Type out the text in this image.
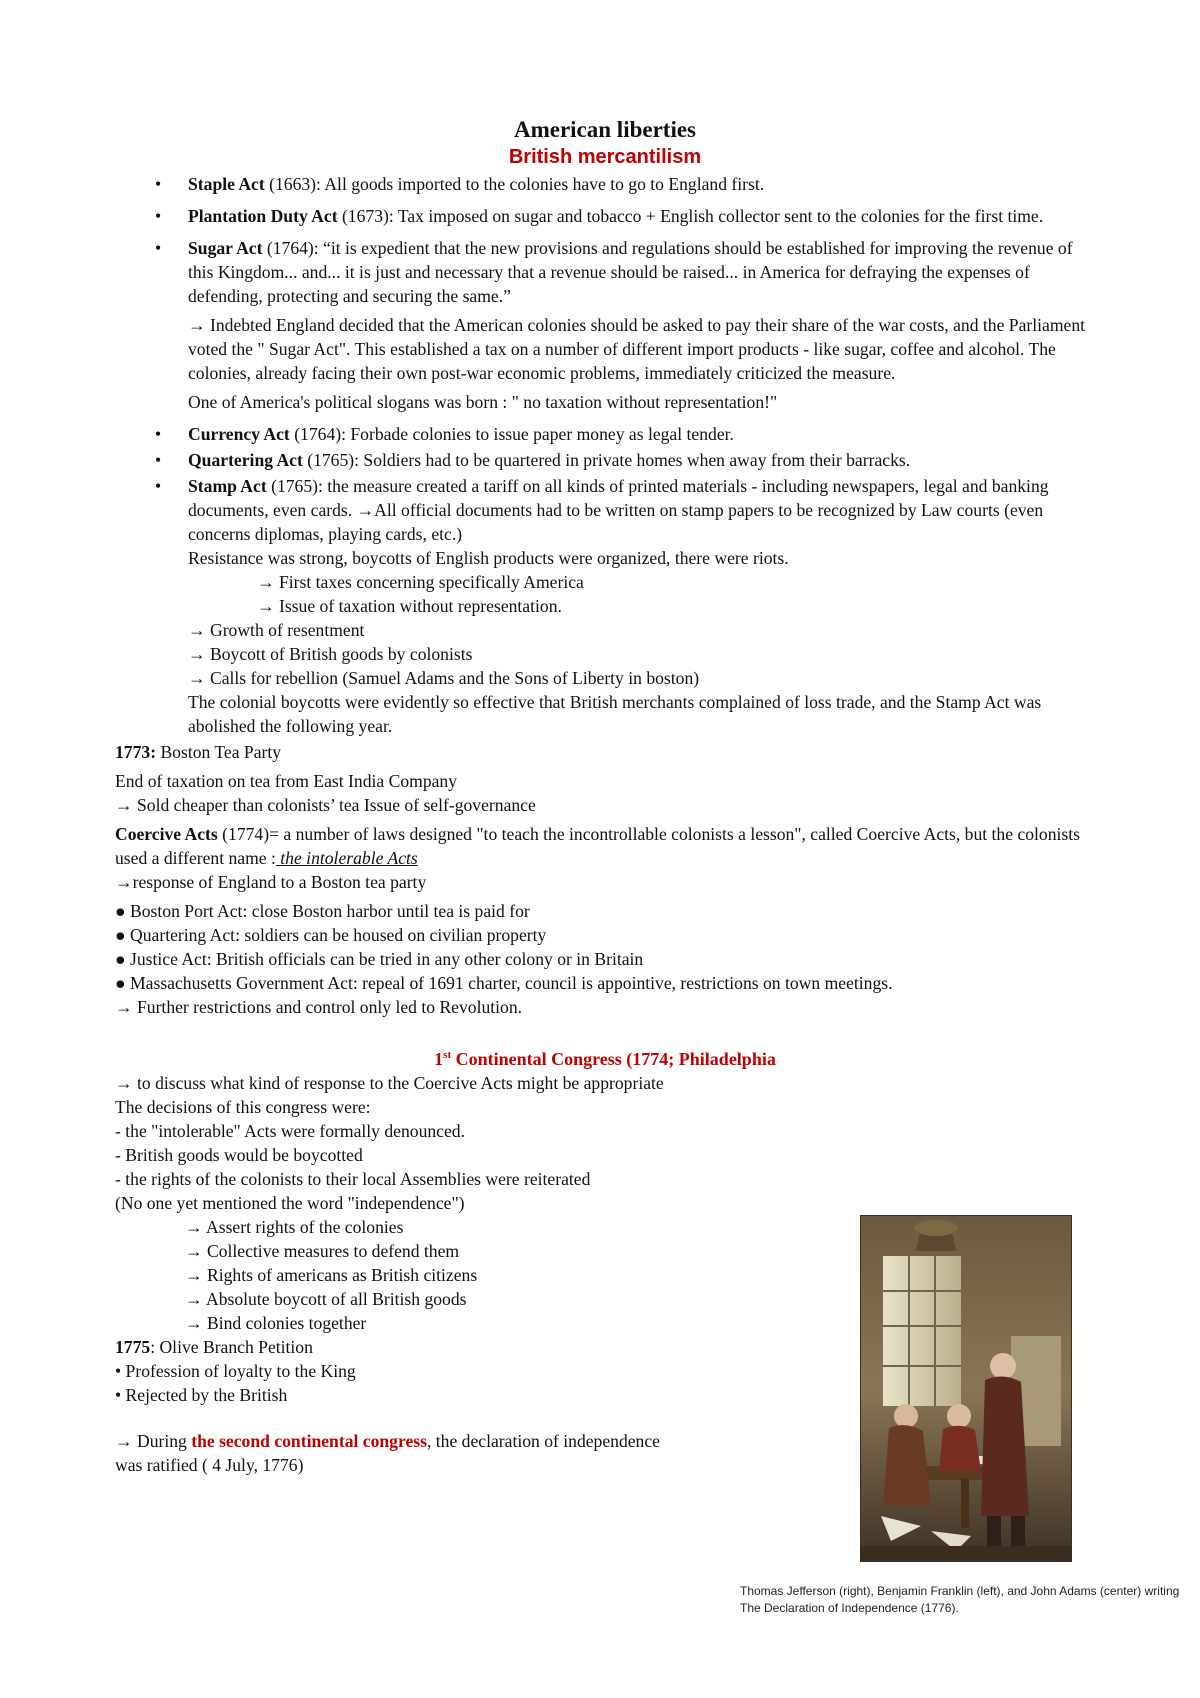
American liberties
British mercantilism
• Staple Act (1663): All goods imported to the colonies have to go to England first.
• Plantation Duty Act (1673): Tax imposed on sugar and tobacco + English collector sent to the colonies for the first time.
• Sugar Act (1764): “it is expedient that the new provisions and regulations should be established for improving the revenue of this Kingdom... and... it is just and necessary that a revenue should be raised... in America for defraying the expenses of defending, protecting and securing the same.”

→ Indebted England decided that the American colonies should be asked to pay their share of the war costs, and the Parliament voted the " Sugar Act". This established a tax on a number of different import products - like sugar, coffee and alcohol. The colonies, already facing their own post-war economic problems, immediately criticized the measure.

One of America's political slogans was born : " no taxation without representation!"

• Currency Act (1764): Forbade colonies to issue paper money as legal tender.
• Quartering Act (1765): Soldiers had to be quartered in private homes when away from their barracks.
• Stamp Act (1765): the measure created a tariff on all kinds of printed materials - including newspapers, legal and banking documents, even cards. →All official documents had to be written on stamp papers to be recognized by Law courts (even concerns diplomas, playing cards, etc.)

Resistance was strong, boycotts of English products were organized, there were riots.

→ First taxes concerning specifically America

→ Issue of taxation without representation.

→ Growth of resentment

→ Boycott of British goods by colonists

→ Calls for rebellion (Samuel Adams and the Sons of Liberty in boston)

The colonial boycotts were evidently so effective that British merchants complained of loss trade, and the Stamp Act was abolished the following year.

1773: Boston Tea Party

End of taxation on tea from East India Company

→ Sold cheaper than colonists’ tea Issue of self-governance

Coercive Acts (1774)= a number of laws designed "to teach the incontrollable colonists a lesson", called Coercive Acts, but the colonists used a different name : the intolerable Acts

→response of England to a Boston tea party

● Boston Port Act: close Boston harbor until tea is paid for

● Quartering Act: soldiers can be housed on civilian property

● Justice Act: British officials can be tried in any other colony or in Britain

● Massachusetts Government Act: repeal of 1691 charter, council is appointive, restrictions on town meetings.

→ Further restrictions and control only led to Revolution.

1st Continental Congress (1774; Philadelphia

→ to discuss what kind of response to the Coercive Acts might be appropriate

The decisions of this congress were:

- the "intolerable" Acts were formally denounced.

- British goods would be boycotted

- the rights of the colonists to their local Assemblies were reiterated

(No one yet mentioned the word "independence")

→ Assert rights of the colonies

→ Collective measures to defend them

→ Rights of americans as British citizens

→ Absolute boycott of all British goods

→ Bind colonies together

1775: Olive Branch Petition

• Profession of loyalty to the King

• Rejected by the British

→ During the second continental congress, the declaration of independence was ratified ( 4 July, 1776)

Thomas Jefferson (right), Benjamin Franklin (left), and John Adams (center) writing The Declaration of Independence (1776).
